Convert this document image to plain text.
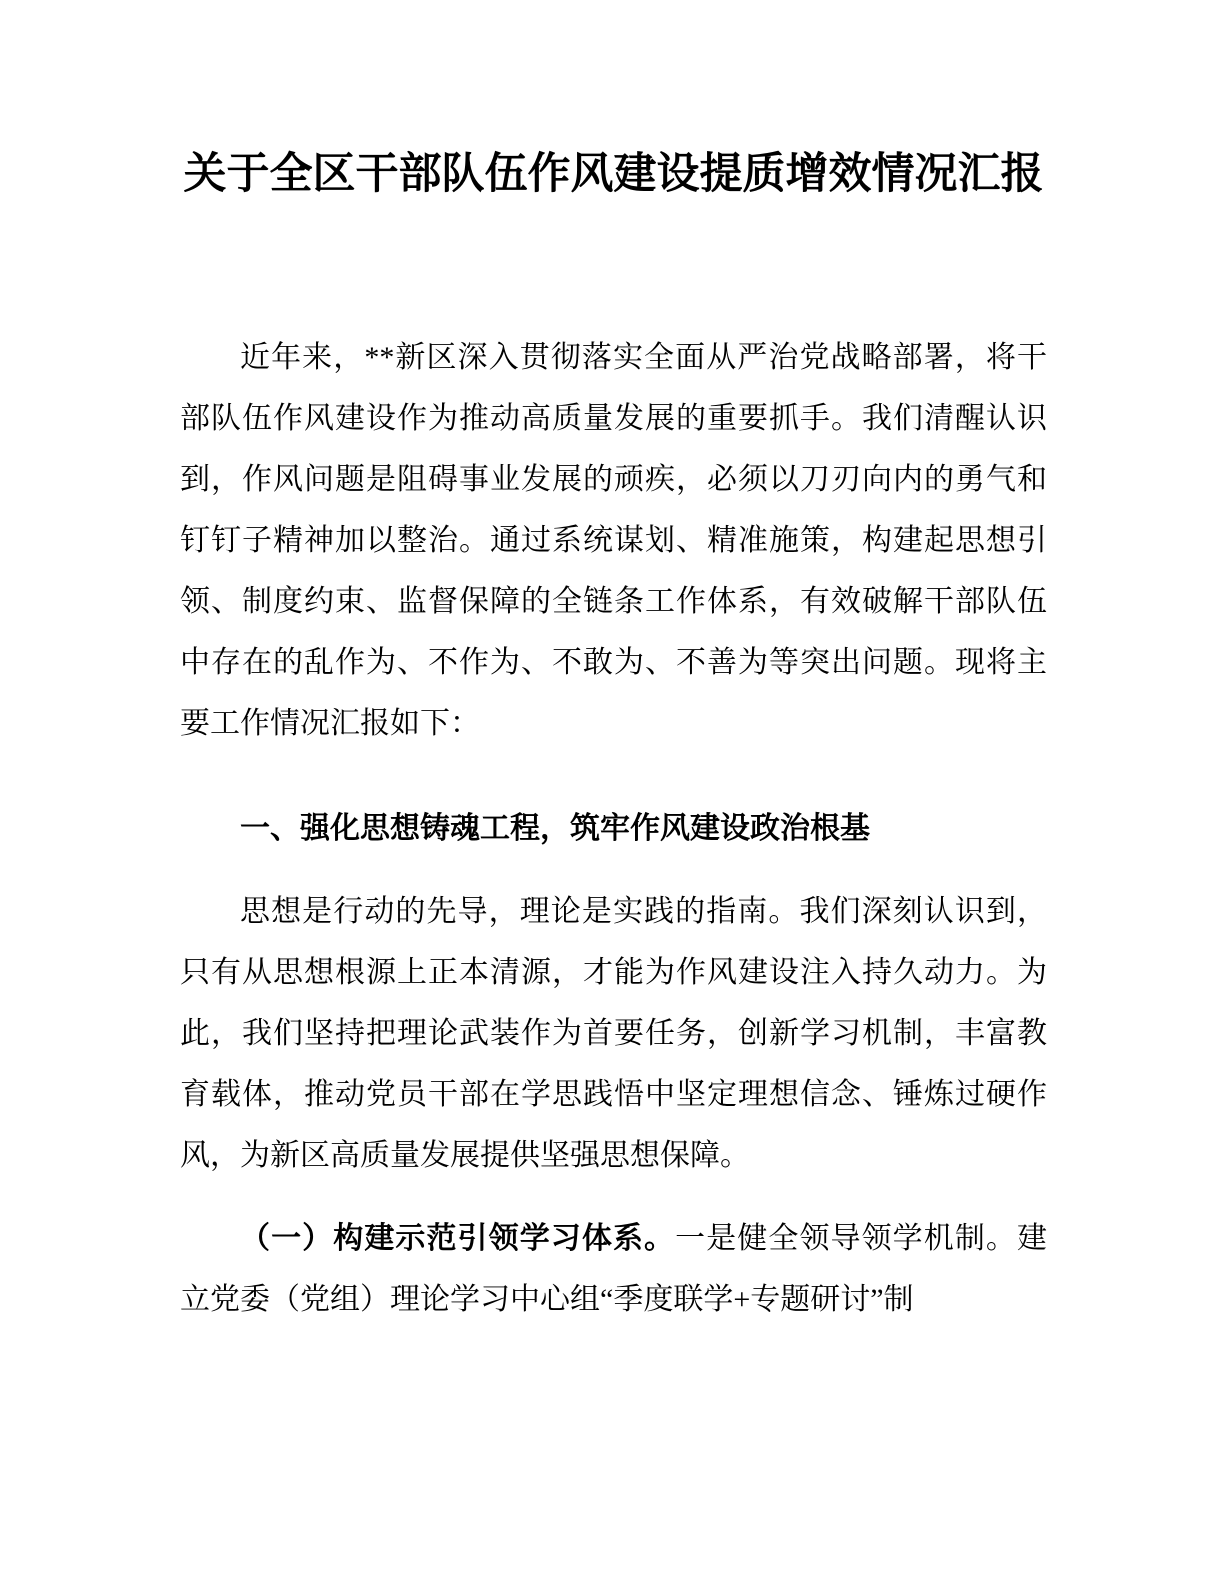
关于全区干部队伍作风建设提质增效情况汇报

近年来，**新区深入贯彻落实全面从严治党战略部署，将干部队伍作风建设作为推动高质量发展的重要抓手。我们清醒认识到，作风问题是阻碍事业发展的顽疾，必须以刀刃向内的勇气和钉钉子精神加以整治。通过系统谋划、精准施策，构建起思想引领、制度约束、监督保障的全链条工作体系，有效破解干部队伍中存在的乱作为、不作为、不敢为、不善为等突出问题。现将主要工作情况汇报如下：

一、强化思想铸魂工程，筑牢作风建设政治根基

思想是行动的先导，理论是实践的指南。我们深刻认识到，只有从思想根源上正本清源，才能为作风建设注入持久动力。为此，我们坚持把理论武装作为首要任务，创新学习机制，丰富教育载体，推动党员干部在学思践悟中坚定理想信念、锤炼过硬作风，为新区高质量发展提供坚强思想保障。

（一）构建示范引领学习体系。一是健全领导领学机制。建立党委（党组）理论学习中心组“季度联学+专题研讨”制
